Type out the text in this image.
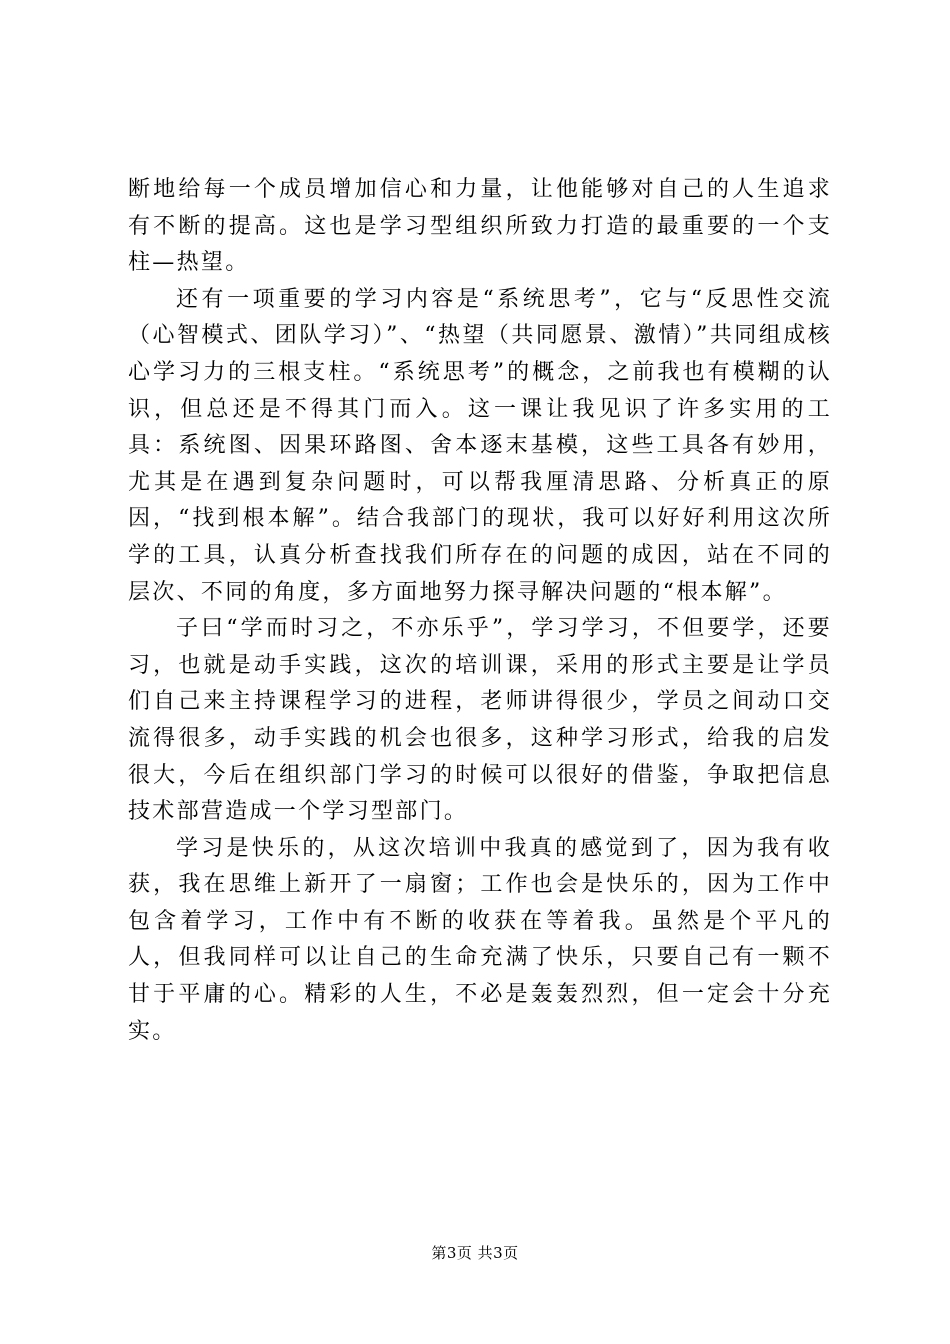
断地给每一个成员增加信心和力量，让他能够对自己的人生追求有不断的提高。这也是学习型组织所致力打造的最重要的一个支柱—热望。

还有一项重要的学习内容是“系统思考”，它与“反思性交流（心智模式、团队学习）”、“热望（共同愿景、激情）”共同组成核心学习力的三根支柱。“系统思考”的概念，之前我也有模糊的认识，但总还是不得其门而入。这一课让我见识了许多实用的工具：系统图、因果环路图、舍本逐末基模，这些工具各有妙用，尤其是在遇到复杂问题时，可以帮我厘清思路、分析真正的原因，“找到根本解”。结合我部门的现状，我可以好好利用这次所学的工具，认真分析查找我们所存在的问题的成因，站在不同的层次、不同的角度，多方面地努力探寻解决问题的“根本解”。

子曰“学而时习之，不亦乐乎”，学习学习，不但要学，还要习，也就是动手实践，这次的培训课，采用的形式主要是让学员们自己来主持课程学习的进程，老师讲得很少，学员之间动口交流得很多，动手实践的机会也很多，这种学习形式，给我的启发很大，今后在组织部门学习的时候可以很好的借鉴，争取把信息技术部营造成一个学习型部门。

学习是快乐的，从这次培训中我真的感觉到了，因为我有收获，我在思维上新开了一扇窗；工作也会是快乐的，因为工作中包含着学习，工作中有不断的收获在等着我。虽然是个平凡的人，但我同样可以让自己的生命充满了快乐，只要自己有一颗不甘于平庸的心。精彩的人生，不必是轰轰烈烈，但一定会十分充实。

第3页 共3页
